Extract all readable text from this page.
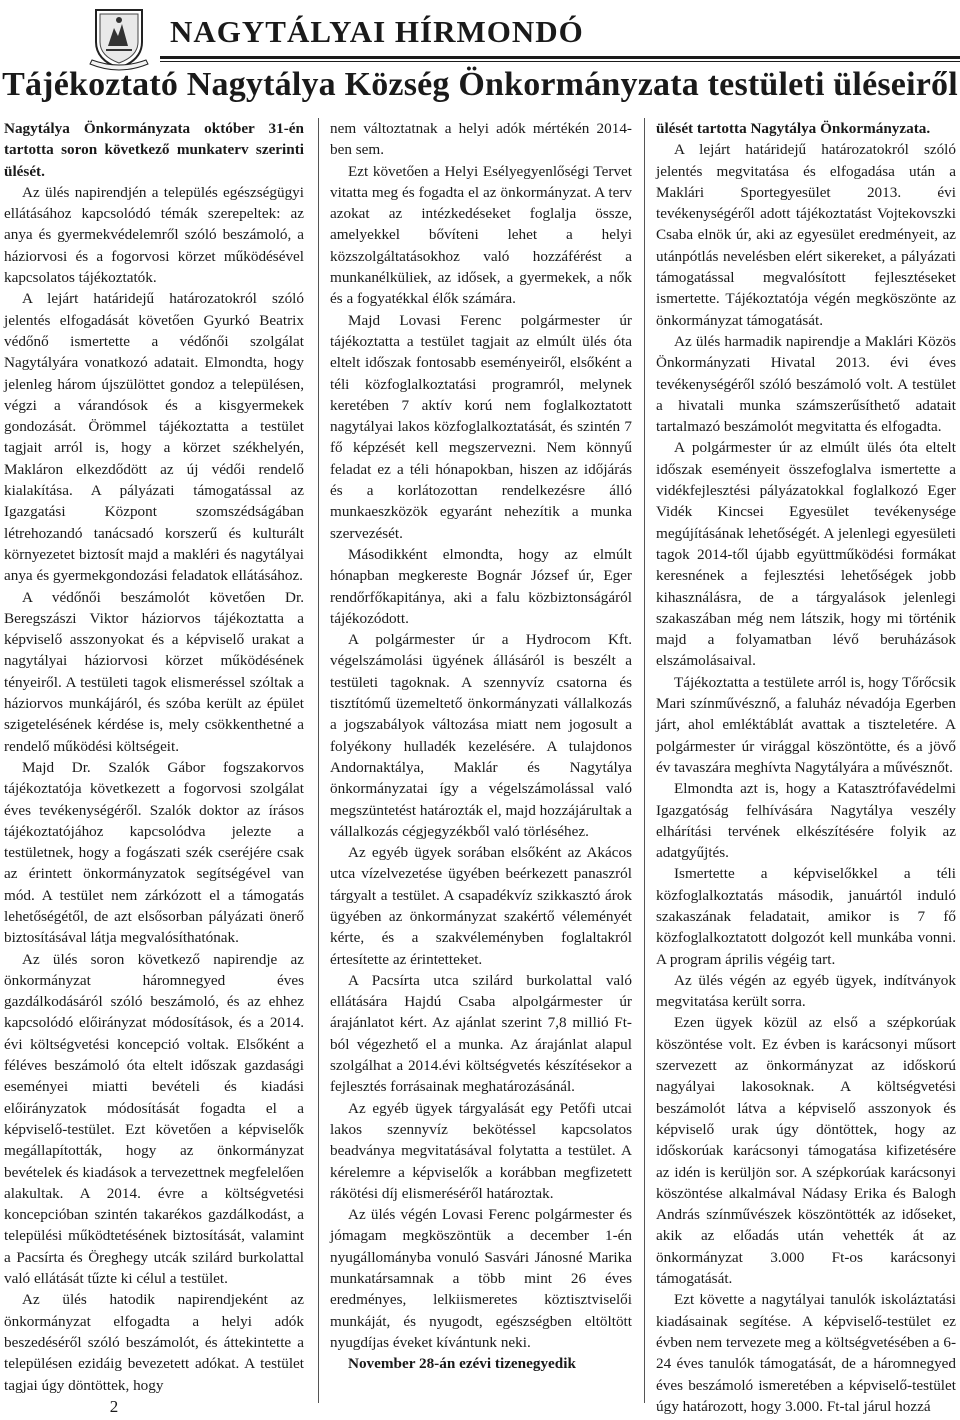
NAGYTÁLYAI HÍRMONDÓ
Tájékoztató Nagytálya Község Önkormányzata testületi üléseiről

Nagytálya Önkormányzata október 31-én tartotta soron következő munkaterv szerinti ülését.

Az ülés napirendjén a település egészségügyi ellátásához kapcsolódó témák szerepeltek: az anya és gyermekvédelemről szóló beszámoló, a háziorvosi és a fogorvosi körzet működésével kapcsolatos tájékoztatók.

A lejárt határidejű határozatokról szóló jelentés elfogadását követően Gyurkó Beatrix védőnő ismertette a védőnői szolgálat Nagytályára vonatkozó adatait. Elmondta, hogy jelenleg három újszülöttet gondoz a településen, végzi a várandósok és a kisgyermekek gondozását. Örömmel tájékoztatta a testület tagjait arról is, hogy a körzet székhelyén, Makláron elkezdődött az új védői rendelő kialakítása. A pályázati támogatással az Igazgatási Központ szomszédságában létrehozandó tanácsadó korszerű és kulturált környezetet biztosít majd a makléri és nagytályai anya és gyermekgondozási feladatok ellátásához.

A védőnői beszámolót követően Dr. Beregszászi Viktor háziorvos tájékoztatta a képviselő asszonyokat és a képviselő urakat a nagytályai háziorvosi körzet működésének tényeiről. A testületi tagok elismeréssel szóltak a háziorvos munkájáról, és szóba került az épület szigetelésének kérdése is, mely csökkenthetné a rendelő működési költségeit.

Majd Dr. Szalók Gábor fogszakorvos tájékoztatója következett a fogorvosi szolgálat éves tevékenységéről. Szalók doktor az írásos tájékoztatójához kapcsolódva jelezte a testületnek, hogy a fogászati szék cseréjére csak az érintett önkormányzatok segítségével van mód. A testület nem zárkózott el a támogatás lehetőségétől, de azt elsősorban pályázati önerő biztosításával látja megvalósíthatónak.

Az ülés soron következő napirendje az önkormányzat háromnegyed éves gazdálkodásáról szóló beszámoló, és az ehhez kapcsolódó előirányzat módosítások, és a 2014. évi költségvetési koncepció voltak. Elsőként a féléves beszámoló óta eltelt időszak gazdasági eseményei miatti bevételi és kiadási előirányzatok módosítását fogadta el a képviselő-testület. Ezt követően a képviselők megállapították, hogy az önkormányzat bevételek és kiadások a tervezettnek megfelelően alakultak. A 2014. évre a költségvetési koncepcióban szintén takarékos gazdálkodást, a települési működtetésének biztosítását, valamint a Pacsírta és Öreghegy utcák szilárd burkolattal való ellátását tűzte ki célul a testület.

Az ülés hatodik napirendjeként az önkormányzat elfogadta a helyi adók beszedéséről szóló beszámolót, és áttekintette a településen ezidáig bevezetett adókat. A testület tagjai úgy döntöttek, hogy

nem változtatnak a helyi adók mértékén 2014-ben sem.

Ezt követően a Helyi Esélyegyenlőségi Tervet vitatta meg és fogadta el az önkormányzat. A terv azokat az intézkedéseket foglalja össze, amelyekkel bővíteni lehet a helyi közszolgáltatásokhoz való hozzáférést a munkanélküliek, az idősek, a gyermekek, a nők és a fogyatékkal élők számára.

Majd Lovasi Ferenc polgármester úr tájékoztatta a testület tagjait az elmúlt ülés óta eltelt időszak fontosabb eseményeiről, elsőként a téli közfoglalkoztatási programról, melynek keretében 7 aktív korú nem foglalkoztatott nagytályai lakos közfoglalkoztatását, és szintén 7 fő képzését kell megszervezni. Nem könnyű feladat ez a téli hónapokban, hiszen az időjárás és a korlátozottan rendelkezésre álló munkaeszközök egyaránt nehezítik a munka szervezését.

Másodikként elmondta, hogy az elmúlt hónapban megkereste Bognár József úr, Eger rendőrfőkapitánya, aki a falu közbiztonságáról tájékozódott.

A polgármester úr a Hydrocom Kft. végelszámolási ügyének állásáról is beszélt a testületi tagoknak. A szennyvíz csatorna és tisztítómű üzemeltető önkormányzati vállalkozás a jogszabályok változása miatt nem jogosult a folyékony hulladék kezelésére. A tulajdonos Andornaktálya, Maklár és Nagytálya önkormányzatai így a végelszámolással való megszüntetést határozták el, majd hozzájárultak a vállalkozás cégjegyzékből való törléséhez.

Az egyéb ügyek sorában elsőként az Akácos utca vízelvezetése ügyében beérkezett panaszról tárgyalt a testület. A csapadékvíz szikkasztó árok ügyében az önkormányzat szakértő véleményét kérte, és a szakvéleményben foglaltakról értesítette az érintetteket.

A Pacsírta utca szilárd burkolattal való ellátására Hajdú Csaba alpolgármester úr árajánlatot kért. Az ajánlat szerint 7,8 millió Ft-ból végezhető el a munka. Az árajánlat alapul szolgálhat a 2014.évi költségvetés készítésekor a fejlesztés forrásainak meghatározásánál.

Az egyéb ügyek tárgyalását egy Petőfi utcai lakos szennyvíz bekötéssel kapcsolatos beadványa megvitatásával folytatta a testület. A kérelemre a képviselők a korábban megfizetett rákötési díj elismeréséről határoztak.

Az ülés végén Lovasi Ferenc polgármester és jómagam megköszöntük a december 1-én nyugállományba vonuló Sasvári Jánosné Marika munkatársamnak a több mint 26 éves eredményes, lelkiismeretes köztisztviselői munkáját, és nyugodt, egészségben eltöltött nyugdíjas éveket kívántunk neki.

November 28-án ezévi tizenegyedik

ülését tartotta Nagytálya Önkormányzata.

A lejárt határidejű határozatokról szóló jelentés megvitatása és elfogadása után a Maklári Sportegyesület 2013. évi tevékenységéről adott tájékoztatást Vojtekovszki Csaba elnök úr, aki az egyesület eredményeit, az utánpótlás nevelésben elért sikereket, a pályázati támogatással megvalósított fejlesztéseket ismertette. Tájékoztatója végén megköszönte az önkormányzat támogatását.

Az ülés harmadik napirendje a Maklári Közös Önkormányzati Hivatal 2013. évi éves tevékenységéről szóló beszámoló volt. A testület a hivatali munka számszerűsíthető adatait tartalmazó beszámolót megvitatta és elfogadta.

A polgármester úr az elmúlt ülés óta eltelt időszak eseményeit összefoglalva ismertette a vidékfejlesztési pályázatokkal foglalkozó Eger Vidék Kincsei Egyesület tevékenysége megújításának lehetőségét. A jelenlegi egyesületi tagok 2014-től újabb együttműködési formákat keresnének a fejlesztési lehetőségek jobb kihasználásra, de a tárgyalások jelenlegi szakaszában még nem látszik, hogy mi történik majd a folyamatban lévő beruházások elszámolásaival.

Tájékoztatta a testülete arról is, hogy Tőrőcsik Mari színművésznő, a faluház névadója Egerben járt, ahol emléktáblát avattak a tiszteletére. A polgármester úr virággal köszöntötte, és a jövő év tavaszára meghívta Nagytályára a művésznőt.

Elmondta azt is, hogy a Katasztrófavédelmi Igazgatóság felhívására Nagytálya veszély elhárítási tervének elkészítésére folyik az adatgyűjtés.

Ismertette a képviselőkkel a téli közfoglalkoztatás második, januártól induló szakaszának feladatait, amikor is 7 fő közfoglalkoztatott dolgozót kell munkába vonni. A program április végéig tart.

Az ülés végén az egyéb ügyek, indítványok megvitatása került sorra.

Ezen ügyek közül az első a szépkorúak köszöntése volt. Ez évben is karácsonyi műsort szervezett az önkormányzat az időskorú nagyályai lakosoknak. A költségvetési beszámolót látva a képviselő asszonyok és képviselő urak úgy döntöttek, hogy az időskorúak karácsonyi támogatása kifizetésére az idén is kerüljön sor. A szépkorúak karácsonyi köszöntése alkalmával Nádasy Erika és Balogh András színművészek köszöntötték az időseket, akik az előadás után vehették át az önkormányzat 3.000 Ft-os karácsonyi támogatását.

Ezt követte a nagytályai tanulók iskoláztatási kiadásainak segítése. A képviselő-testület ez évben nem tervezete meg a költségvetésében a 6-24 éves tanulók támogatását, de a háromnegyed éves beszámoló ismeretében a képviselő-testület úgy határozott, hogy 3.000. Ft-tal járul hozzá

2
